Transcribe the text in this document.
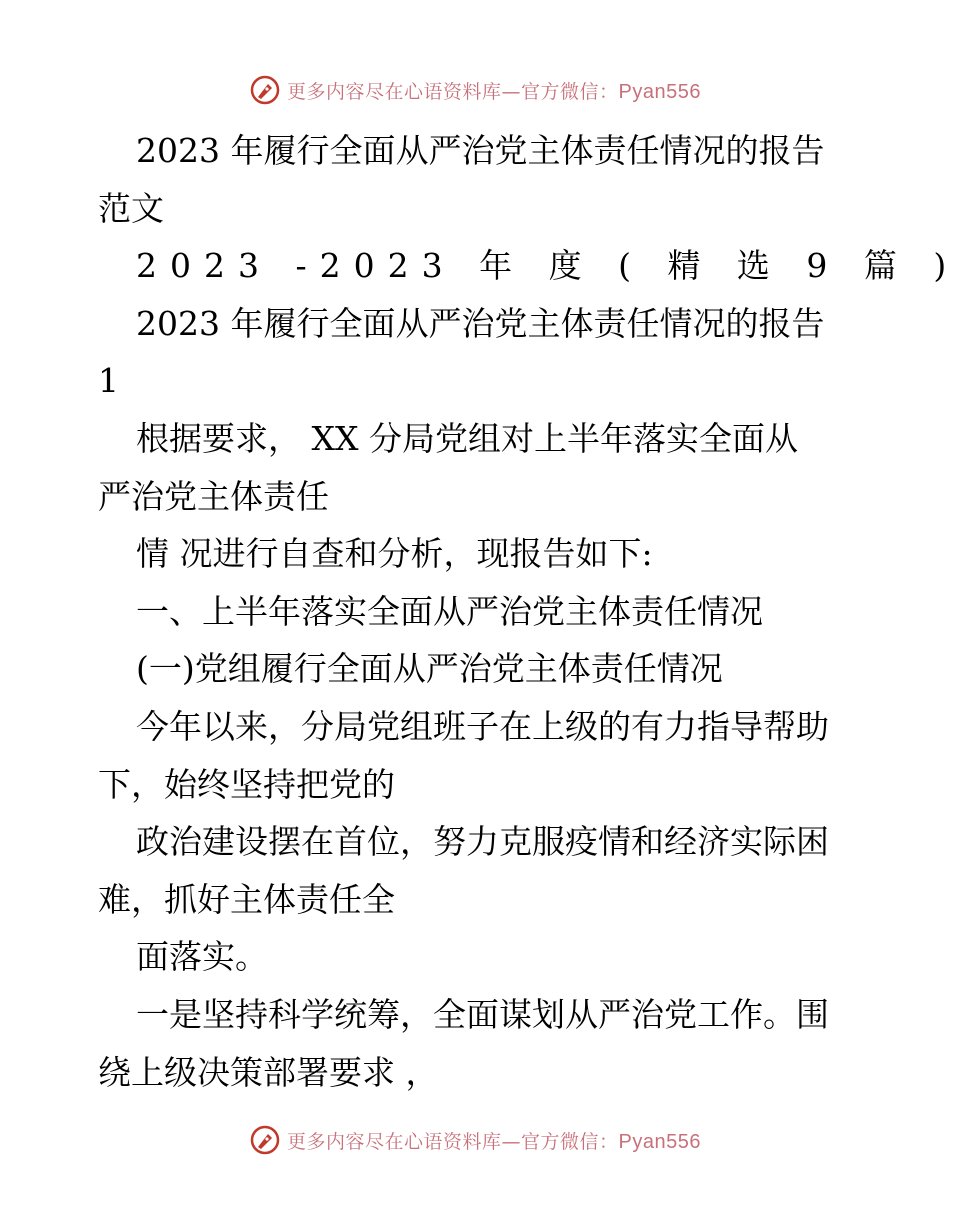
更多内容尽在心语资料库—官方微信：Pyan556
2023 年履行全面从严治党主体责任情况的报告
范文
2023 -2023 年 度 ( 精 选 9 篇 )
2023 年履行全面从严治党主体责任情况的报告
1
根据要求， XX 分局党组对上半年落实全面从
严治党主体责任
情 况进行自查和分析，现报告如下:
一、上半年落实全面从严治党主体责任情况
(一)党组履行全面从严治党主体责任情况
今年以来，分局党组班子在上级的有力指导帮助
下，始终坚持把党的
政治建设摆在首位，努力克服疫情和经济实际困
难，抓好主体责任全
面落实。
一是坚持科学统筹，全面谋划从严治党工作。围
绕上级决策部署要求 ，
更多内容尽在心语资料库—官方微信：Pyan556
